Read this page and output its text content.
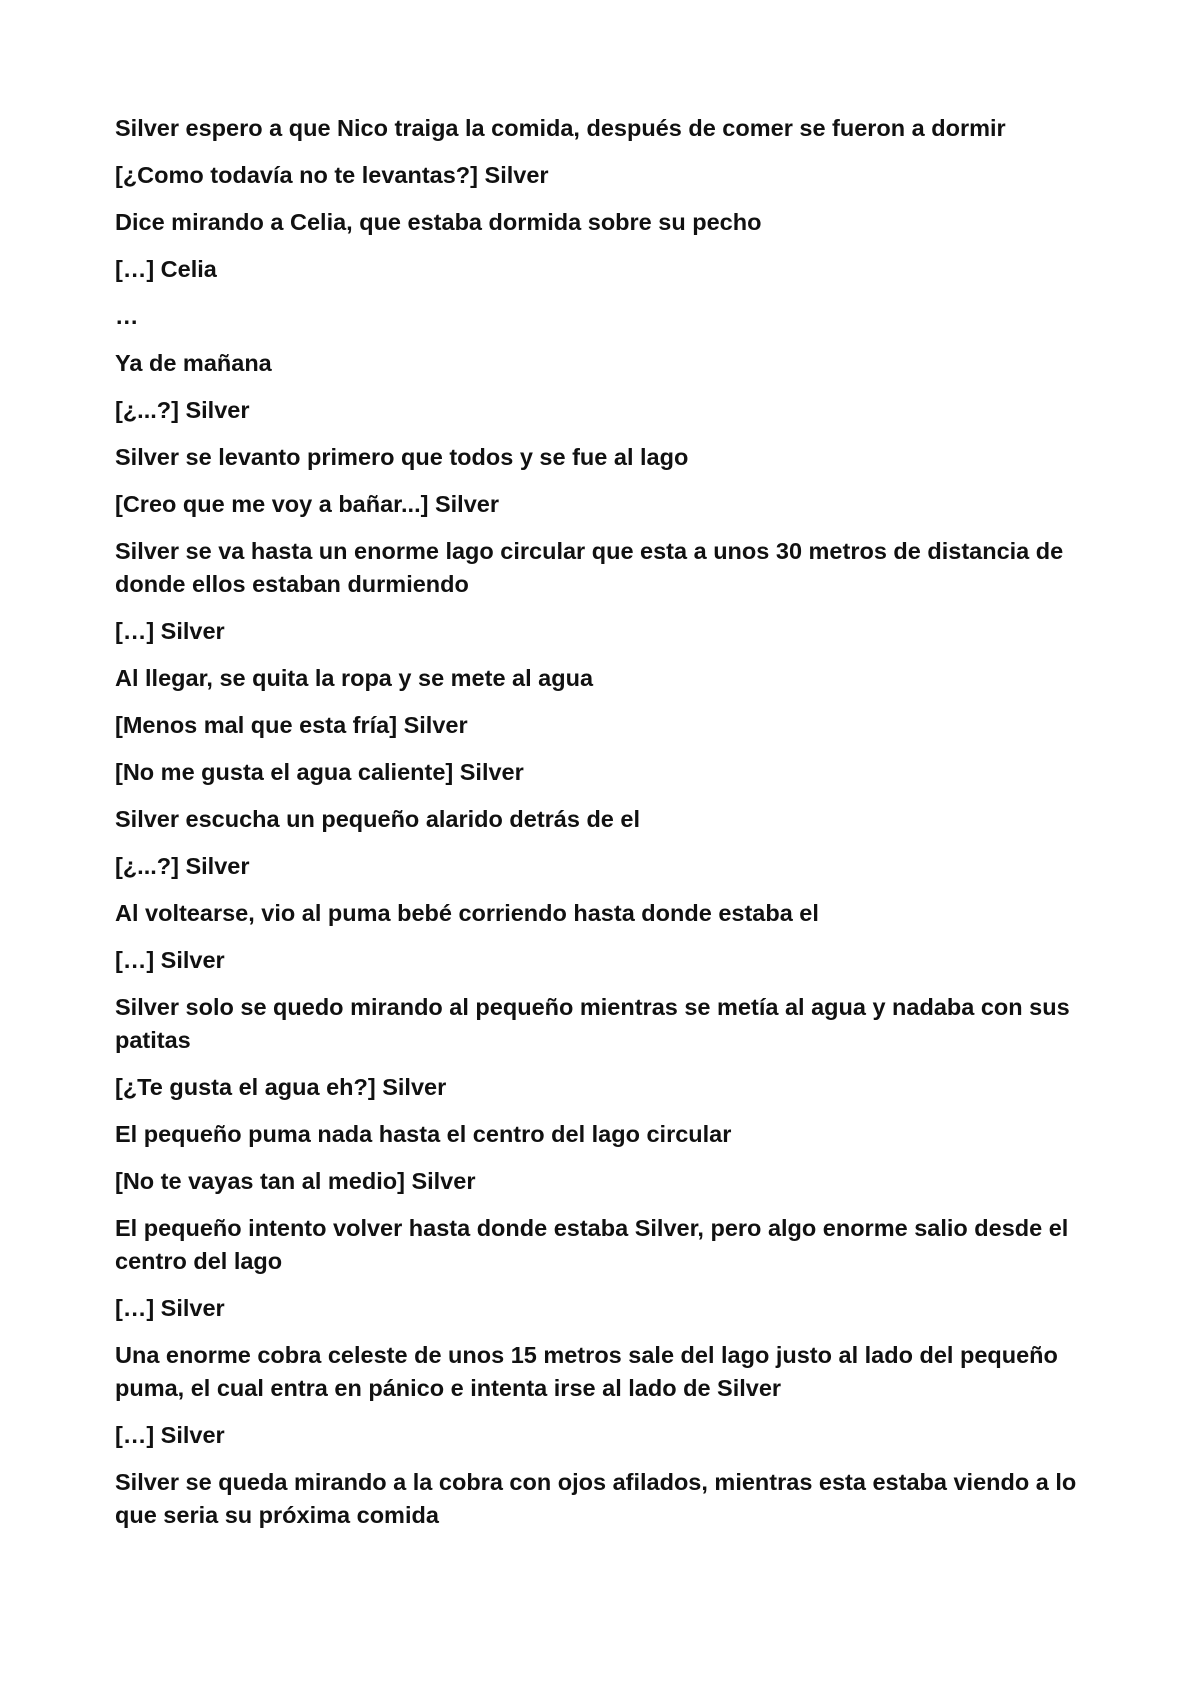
Silver espero a que Nico traiga la comida, después de comer se fueron a dormir

[¿Como todavía no te levantas?] Silver

Dice mirando a Celia, que estaba dormida sobre su pecho

[…] Celia

…

Ya de mañana

[¿...?] Silver

Silver se levanto primero que todos y se fue al lago

[Creo que me voy a bañar...] Silver

Silver se va hasta un enorme lago circular que esta a unos 30 metros de distancia de donde ellos estaban durmiendo

[…] Silver

Al llegar, se quita la ropa y se mete al agua

[Menos mal que esta fría] Silver

[No me gusta el agua caliente] Silver

Silver escucha un pequeño alarido detrás de el

[¿...?] Silver

Al voltearse, vio al puma bebé corriendo hasta donde estaba el

[…] Silver

Silver solo se quedo mirando al pequeño mientras se metía al agua y nadaba con sus patitas

[¿Te gusta el agua eh?] Silver

El pequeño puma nada hasta el centro del lago circular

[No te vayas tan al medio] Silver

El pequeño intento volver hasta donde estaba Silver, pero algo enorme salio desde el centro del lago

[…] Silver

Una enorme cobra celeste de unos 15 metros sale del lago justo al lado del pequeño puma, el cual entra en pánico e intenta irse al lado de Silver

[…] Silver

Silver se queda mirando a la cobra con ojos afilados, mientras esta estaba viendo a lo que seria su próxima comida
